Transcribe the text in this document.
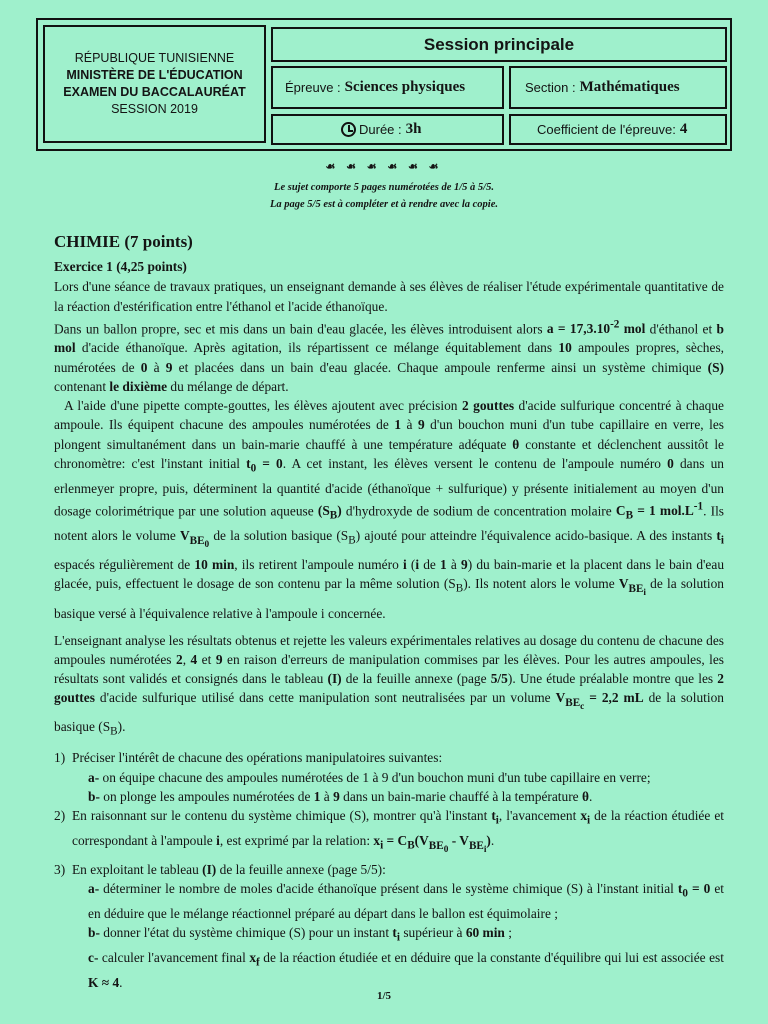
RÉPUBLIQUE TUNISIENNE
MINISTÈRE DE L'ÉDUCATION
EXAMEN DU BACCALAURÉAT
SESSION 2019
Session principale
Épreuve : Sciences physiques	Section : Mathématiques
Durée : 3h	Coefficient de l'épreuve: 4
☙ ☙ ☙ ☙ ☙ ☙
Le sujet comporte 5 pages numérotées de 1/5 à 5/5.
La page 5/5 est à compléter et à rendre avec la copie.
CHIMIE (7 points)
Exercice 1 (4,25 points)

Lors d'une séance de travaux pratiques, un enseignant demande à ses élèves de réaliser l'étude expérimentale quantitative de la réaction d'estérification entre l'éthanol et l'acide éthanoïque.

Dans un ballon propre, sec et mis dans un bain d'eau glacée, les élèves introduisent alors $a = 17,3.10^{-2}$ mol d'éthanol et b mol d'acide éthanoïque. Après agitation, ils répartissent ce mélange équitablement dans 10 ampoules propres, sèches, numérotées de 0 à 9 et placées dans un bain d'eau glacée. Chaque ampoule renferme ainsi un système chimique (S) contenant le dixième du mélange de départ.

A l'aide d'une pipette compte-gouttes, les élèves ajoutent avec précision 2 gouttes d'acide sulfurique concentré à chaque ampoule. Ils équipent chacune des ampoules numérotées de 1 à 9 d'un bouchon muni d'un tube capillaire en verre, les plongent simultanément dans un bain-marie chauffé à une température adéquate θ constante et déclenchent aussitôt le chronomètre: c'est l'instant initial $t_0 = 0$. A cet instant, les élèves versent le contenu de l'ampoule numéro 0 dans un erlenmeyer propre, puis, déterminent la quantité d'acide (éthanoïque + sulfurique) y présente initialement au moyen d'un dosage colorimétrique par une solution aqueuse $(S_B)$ d'hydroxyde de sodium de concentration molaire $C_B = 1$ $mol.L^{-1}$. Ils notent alors le volume $V_{BE_0}$ de la solution basique $(S_B)$ ajouté pour atteindre l'équivalence acido-basique. A des instants $t_i$ espacés régulièrement de 10 min, ils retirent l'ampoule numéro i (i de 1 à 9) du bain-marie et la placent dans le bain d'eau glacée, puis, effectuent le dosage de son contenu par la même solution $(S_B)$. Ils notent alors le volume $V_{BE_i}$ de la solution basique versé à l'équivalence relative à l'ampoule i concernée.

L'enseignant analyse les résultats obtenus et rejette les valeurs expérimentales relatives au dosage du contenu de chacune des ampoules numérotées 2, 4 et 9 en raison d'erreurs de manipulation commises par les élèves. Pour les autres ampoules, les résultats sont validés et consignés dans le tableau (I) de la feuille annexe (page 5/5). Une étude préalable montre que les 2 gouttes d'acide sulfurique utilisé dans cette manipulation sont neutralisées par un volume $V_{BE_c} = 2,2$ mL de la solution basique $(S_B)$.

1) Préciser l'intérêt de chacune des opérations manipulatoires suivantes:
a- on équipe chacune des ampoules numérotées de 1 à 9 d'un bouchon muni d'un tube capillaire en verre;
b- on plonge les ampoules numérotées de 1 à 9 dans un bain-marie chauffé à la température θ.
2) En raisonnant sur le contenu du système chimique (S), montrer qu'à l'instant $t_i$, l'avancement $x_i$ de la réaction étudiée et correspondant à l'ampoule i, est exprimé par la relation: $x_i = C_B(V_{BE_0} - V_{BE_i})$.
3) En exploitant le tableau (I) de la feuille annexe (page 5/5):
a- déterminer le nombre de moles d'acide éthanoïque présent dans le système chimique (S) à l'instant initial $t_0 = 0$ et en déduire que le mélange réactionnel préparé au départ dans le ballon est équimolaire ;
b- donner l'état du système chimique (S) pour un instant $t_i$ supérieur à 60 min ;
c- calculer l'avancement final $x_f$ de la réaction étudiée et en déduire que la constante d'équilibre qui lui est associée est K ≈ 4.
1/5
